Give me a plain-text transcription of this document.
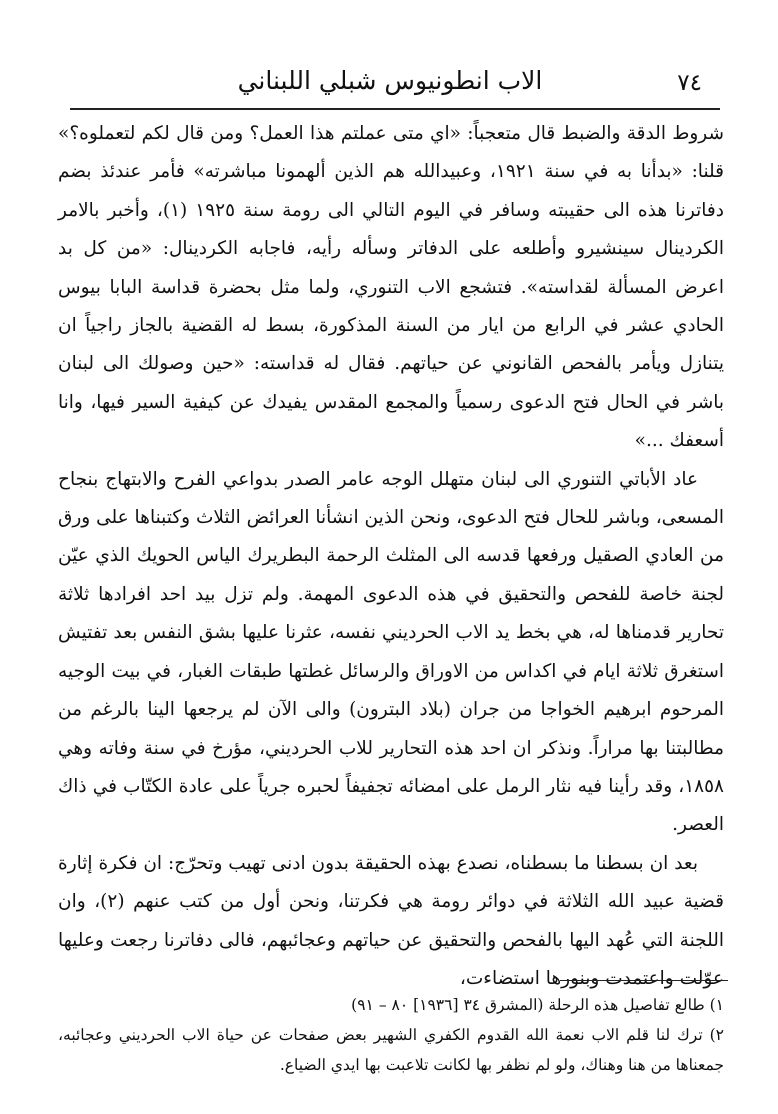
٧٤
الاب انطونيوس شبلي اللبناني

شروط الدقة والضبط قال متعجباً: «اي متى عملتم هذا العمل؟ ومن قال لكم لتعملوه؟» قلنا: «بدأنا به في سنة ١٩٢١، وعبيدالله هم الذين ألهمونا مباشرته» فأمر عندئذ بضم دفاترنا هذه الى حقيبته وسافر في اليوم التالي الى رومة سنة ١٩٢٥ (١)، وأخبر بالامر الكردينال سينشيرو وأطلعه على الدفاتر وسأله رأيه، فاجابه الكردينال: «من كل بد اعرض المسألة لقداسته». فتشجع الاب التنوري، ولما مثل بحضرة قداسة البابا بيوس الحادي عشر في الرابع من ايار من السنة المذكورة، بسط له القضية بالجاز راجياً ان يتنازل ويأمر بالفحص القانوني عن حياتهم. فقال له قداسته: «حين وصولك الى لبنان باشر في الحال فتح الدعوى رسمياً والمجمع المقدس يفيدك عن كيفية السير فيها، وانا أسعفك ...»

عاد الأباتي التنوري الى لبنان متهلل الوجه عامر الصدر بدواعي الفرح والابتهاج بنجاح المسعى، وباشر للحال فتح الدعوى، ونحن الذين انشأنا العرائض الثلاث وكتبناها على ورق من العادي الصقيل ورفعها قدسه الى المثلث الرحمة البطريرك الياس الحويك الذي عيّن لجنة خاصة للفحص والتحقيق في هذه الدعوى المهمة. ولم تزل بيد احد افرادها ثلاثة تحارير قدمناها له، هي بخط يد الاب الحرديني نفسه، عثرنا عليها بشق النفس بعد تفتيش استغرق ثلاثة ايام في اكداس من الاوراق والرسائل غطتها طبقات الغبار، في بيت الوجيه المرحوم ابرهيم الخواجا من جران (بلاد البترون) والى الآن لم يرجعها الينا بالرغم من مطالبتنا بها مراراً. ونذكر ان احد هذه التحارير للاب الحرديني، مؤرخ في سنة وفاته وهي ١٨٥٨، وقد رأينا فيه نثار الرمل على امضائه تجفيفاً لحبره جرياً على عادة الكتّاب في ذاك العصر.

بعد ان بسطنا ما بسطناه، نصدع بهذه الحقيقة بدون ادنى تهيب وتحرّج: ان فكرة إثارة قضية عبيد الله الثلاثة في دوائر رومة هي فكرتنا، ونحن أول من كتب عنهم (٢)، وان اللجنة التي عُهد اليها بالفحص والتحقيق عن حياتهم وعجائبهم، فالى دفاترنا رجعت وعليها عوّلت واعتمدت وبنورها استضاءت،

١) طالع تفاصيل هذه الرحلة (المشرق ٣٤ [١٩٣٦] ٨٠ – ٩١)

٢) ترك لنا قلم الاب نعمة الله القدوم الكفري الشهير بعض صفحات عن حياة الاب الحرديني وعجائبه، جمعناها من هنا وهناك، ولو لم نظفر بها لكانت تلاعبت بها ايدي الضياع.
